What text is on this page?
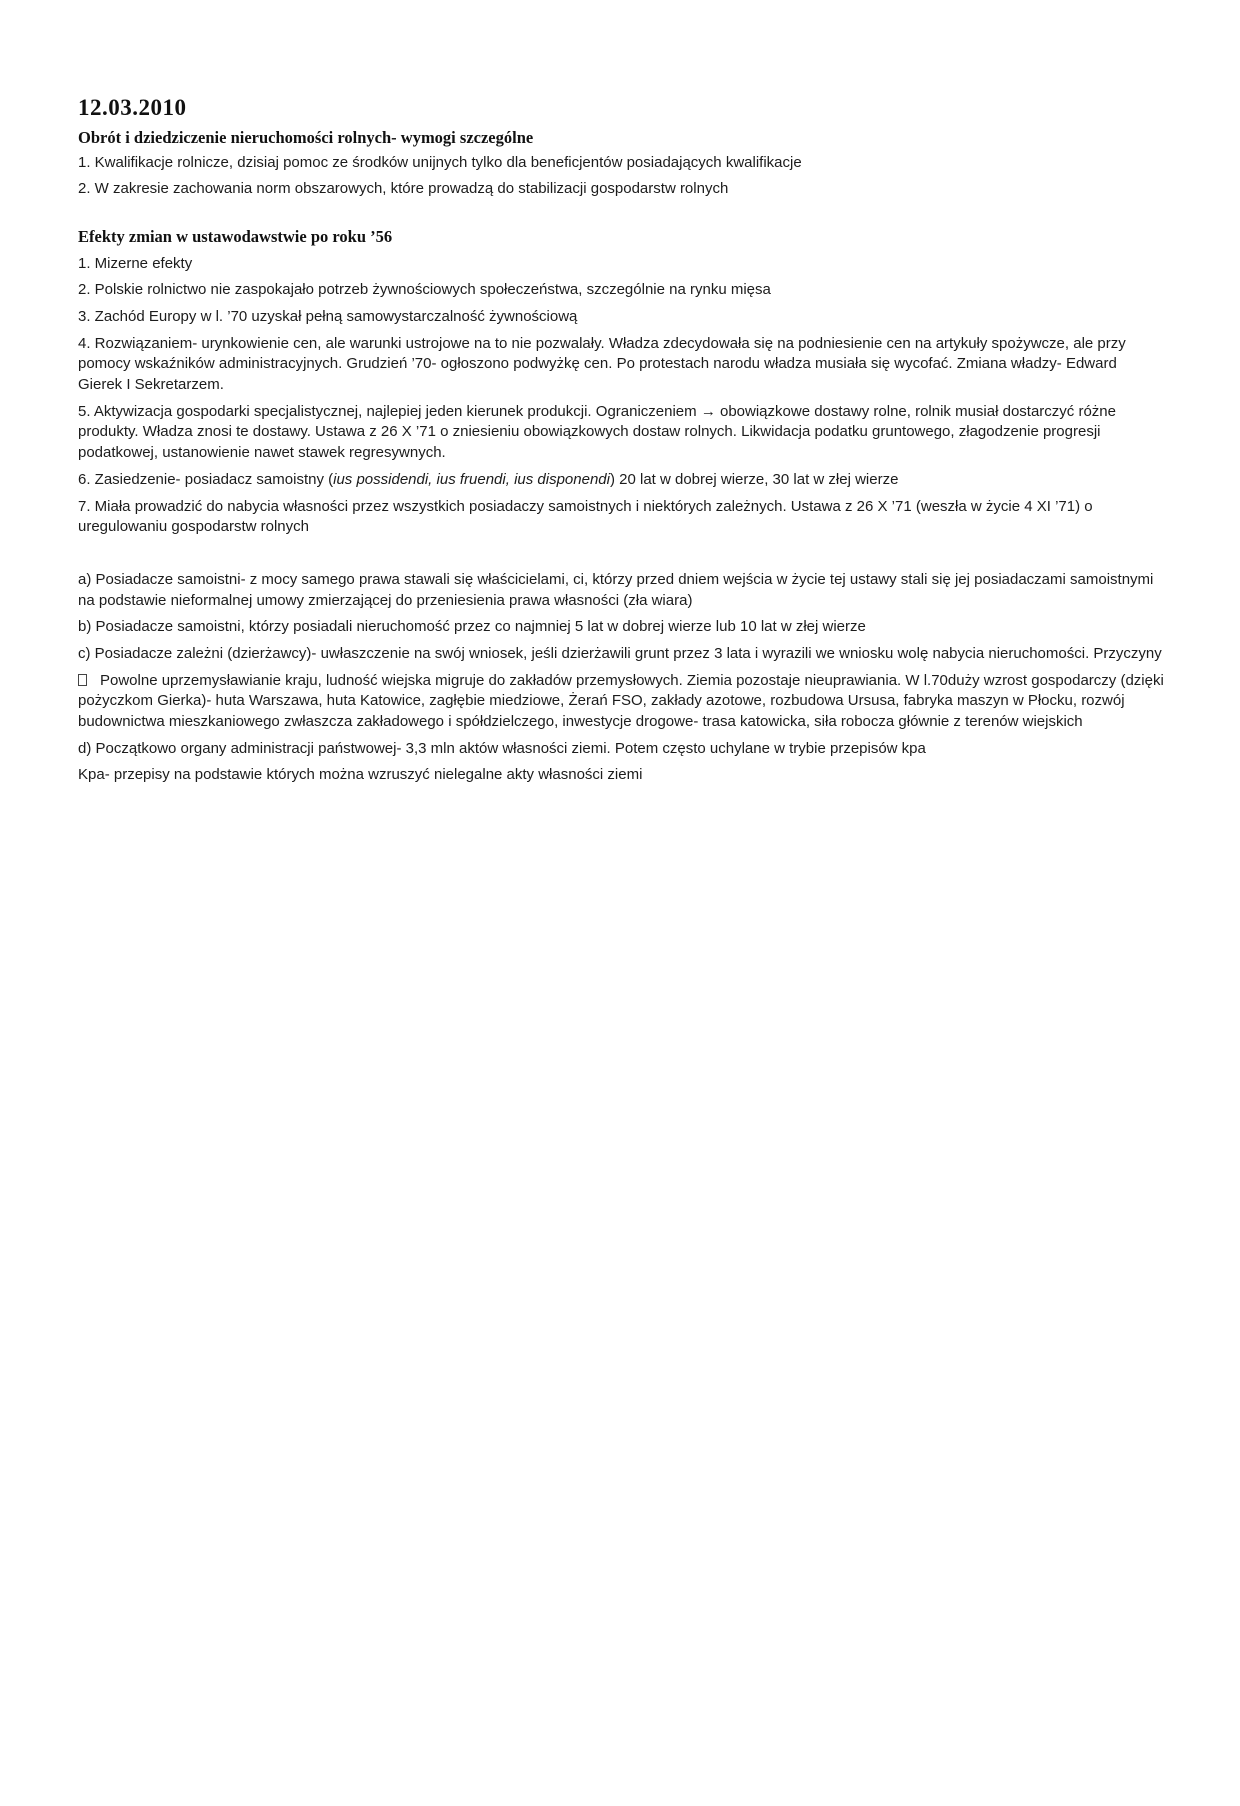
12.03.2010
Obrót i dziedziczenie nieruchomości rolnych- wymogi szczególne

1. Kwalifikacje rolnicze, dzisiaj pomoc ze środków unijnych tylko dla beneficjentów posiadających kwalifikacje

2. W zakresie zachowania norm obszarowych, które prowadzą do stabilizacji gospodarstw rolnych

Efekty zmian w ustawodawstwie po roku ’56

1. Mizerne efekty

2. Polskie rolnictwo nie zaspokajało potrzeb żywnościowych społeczeństwa, szczególnie na rynku mięsa

3. Zachód Europy w l. ’70 uzyskał pełną samowystarczalność żywnościową

4. Rozwiązaniem- urynkowienie cen, ale warunki ustrojowe na to nie pozwalały. Władza zdecydowała się na podniesienie cen na artykuły spożywcze, ale przy pomocy wskaźników administracyjnych. Grudzień ’70- ogłoszono podwyżkę cen. Po protestach narodu władza musiała się wycofać. Zmiana władzy- Edward Gierek I Sekretarzem.

5. Aktywizacja gospodarki specjalistycznej, najlepiej jeden kierunek produkcji. Ograniczeniem → obowiązkowe dostawy rolne, rolnik musiał dostarczyć różne produkty. Władza znosi te dostawy. Ustawa z 26 X ’71 o zniesieniu obowiązkowych dostaw rolnych. Likwidacja podatku gruntowego, złagodzenie progresji podatkowej, ustanowienie nawet stawek regresywnych.

6. Zasiedzenie- posiadacz samoistny (ius possidendi, ius fruendi, ius disponendi) 20 lat w dobrej wierze, 30 lat w złej wierze

7. Miała prowadzić do nabycia własności przez wszystkich posiadaczy samoistnych i niektórych zależnych. Ustawa z 26 X ’71 (weszła w życie 4 XI ’71) o uregulowaniu gospodarstw rolnych

a) Posiadacze samoistni- z mocy samego prawa stawali się właścicielami, ci, którzy przed dniem wejścia w życie tej ustawy stali się jej posiadaczami samoistnymi na podstawie nieformalnej umowy zmierzającej do przeniesienia prawa własności (zła wiara)

b) Posiadacze samoistni, którzy posiadali nieruchomość przez co najmniej 5 lat w dobrej wierze lub 10 lat w złej wierze

c) Posiadacze zależni (dzierżawcy)- uwłaszczenie na swój wniosek, jeśli dzierżawili grunt przez 3 lata i wyrazili we wniosku wolę nabycia nieruchomości. Przyczyny

Powolne uprzemysławianie kraju, ludność wiejska migruje do zakładów przemysłowych. Ziemia pozostaje nieuprawiania. W l.70duży wzrost gospodarczy (dzięki pożyczkom Gierka)- huta Warszawa, huta Katowice, zagłębie miedziowe, Żerań FSO, zakłady azotowe, rozbudowa Ursusa, fabryka maszyn w Płocku, rozwój budownictwa mieszkaniowego zwłaszcza zakładowego i spółdzielczego, inwestycje drogowe- trasa katowicka, siła robocza głównie z terenów wiejskich

d) Początkowo organy administracji państwowej- 3,3 mln aktów własności ziemi. Potem często uchylane w trybie przepisów kpa

Kpa- przepisy na podstawie których można wzruszyć nielegalne akty własności ziemi
